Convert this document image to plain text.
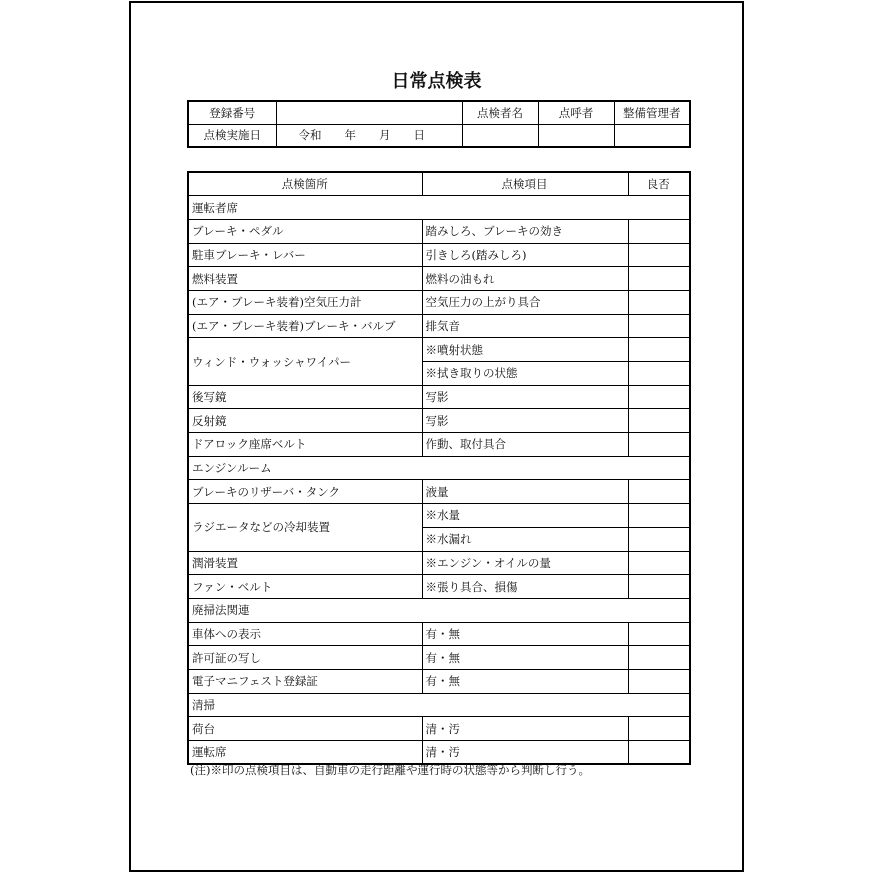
日常点検表
登録番号		点検者名	点呼者	整備管理者
点検実施日	令和　　年　　月　　日			
点検箇所	点検項目	良否
運転者席		
ブレーキ・ペダル	踏みしろ、ブレーキの効き	
駐車ブレーキ・レバー	引きしろ(踏みしろ)	
燃料装置	燃料の油もれ	
(エア・ブレーキ装着)空気圧力計	空気圧力の上がり具合	
(エア・ブレーキ装着)ブレーキ・バルブ	排気音	
ウィンド・ウォッシャワイパー	※噴射状態	
	※拭き取りの状態	
後写鏡	写影	
反射鏡	写影	
ドアロック座席ベルト	作動、取付具合	
エンジンルーム		
ブレーキのリザーバ・タンク	液量	
ラジエータなどの冷却装置	※水量	
	※水漏れ	
潤滑装置	※エンジン・オイルの量	
ファン・ベルト	※張り具合、損傷	
廃掃法関連		
車体への表示	有・無	
許可証の写し	有・無	
電子マニフェスト登録証	有・無	
清掃		
荷台	清・汚	
運転席	清・汚	
(注)※印の点検項目は、自動車の走行距離や運行時の状態等から判断し行う。
